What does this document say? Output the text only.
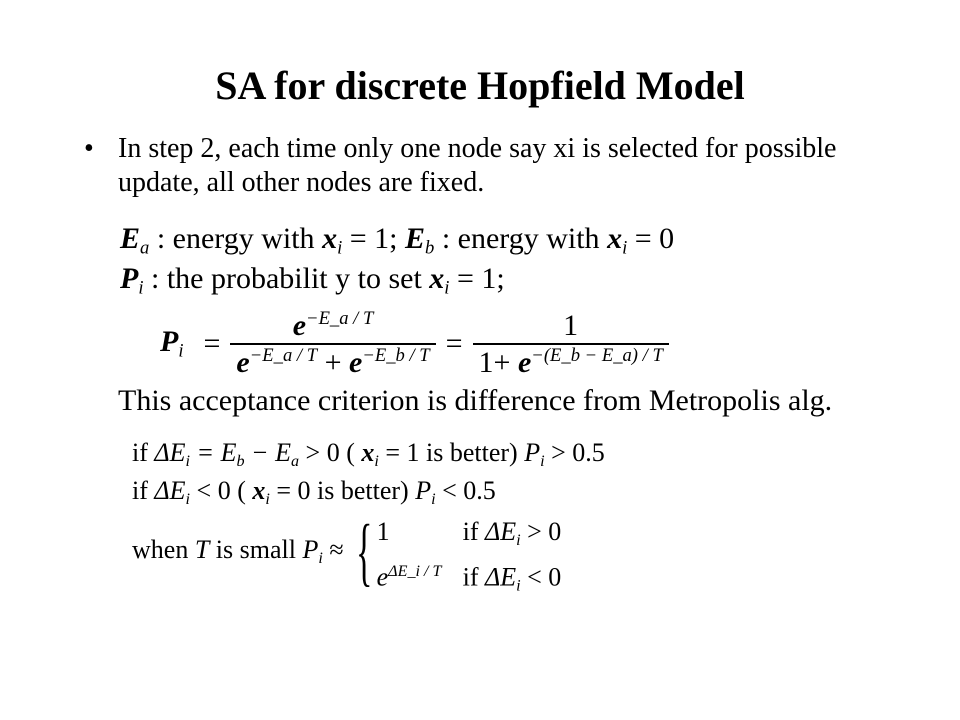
SA for discrete Hopfield Model
• In step 2, each time only one node say xi is selected for possible update, all other nodes are fixed.
$E_a$ : energy with $x_i = 1$; $E_b$ : energy with $x_i = 0$
$P_i$ : the probabilit y to set $x_i = 1$;
$P_i = \frac{e^{-E\_a / T}}{e^{-E\_a / T} + e^{-E\_b / T}} = \frac{1}{1+ e^{-(E\_b - E\_a) / T}}$
This acceptance criterion is difference from Metropolis alg.
if $\Delta E_i = E_b - E_a > 0$ ( $x_i = 1$ is better) $P_i > 0.5$
if $\Delta E_i < 0$ ( $x_i = 0$ is better) $P_i < 0.5$
when T is small $P_i$ ≈ { 1	if $\Delta E_i > 0$
$e^{\Delta E\_i / T}$ if $\Delta E_i < 0$
